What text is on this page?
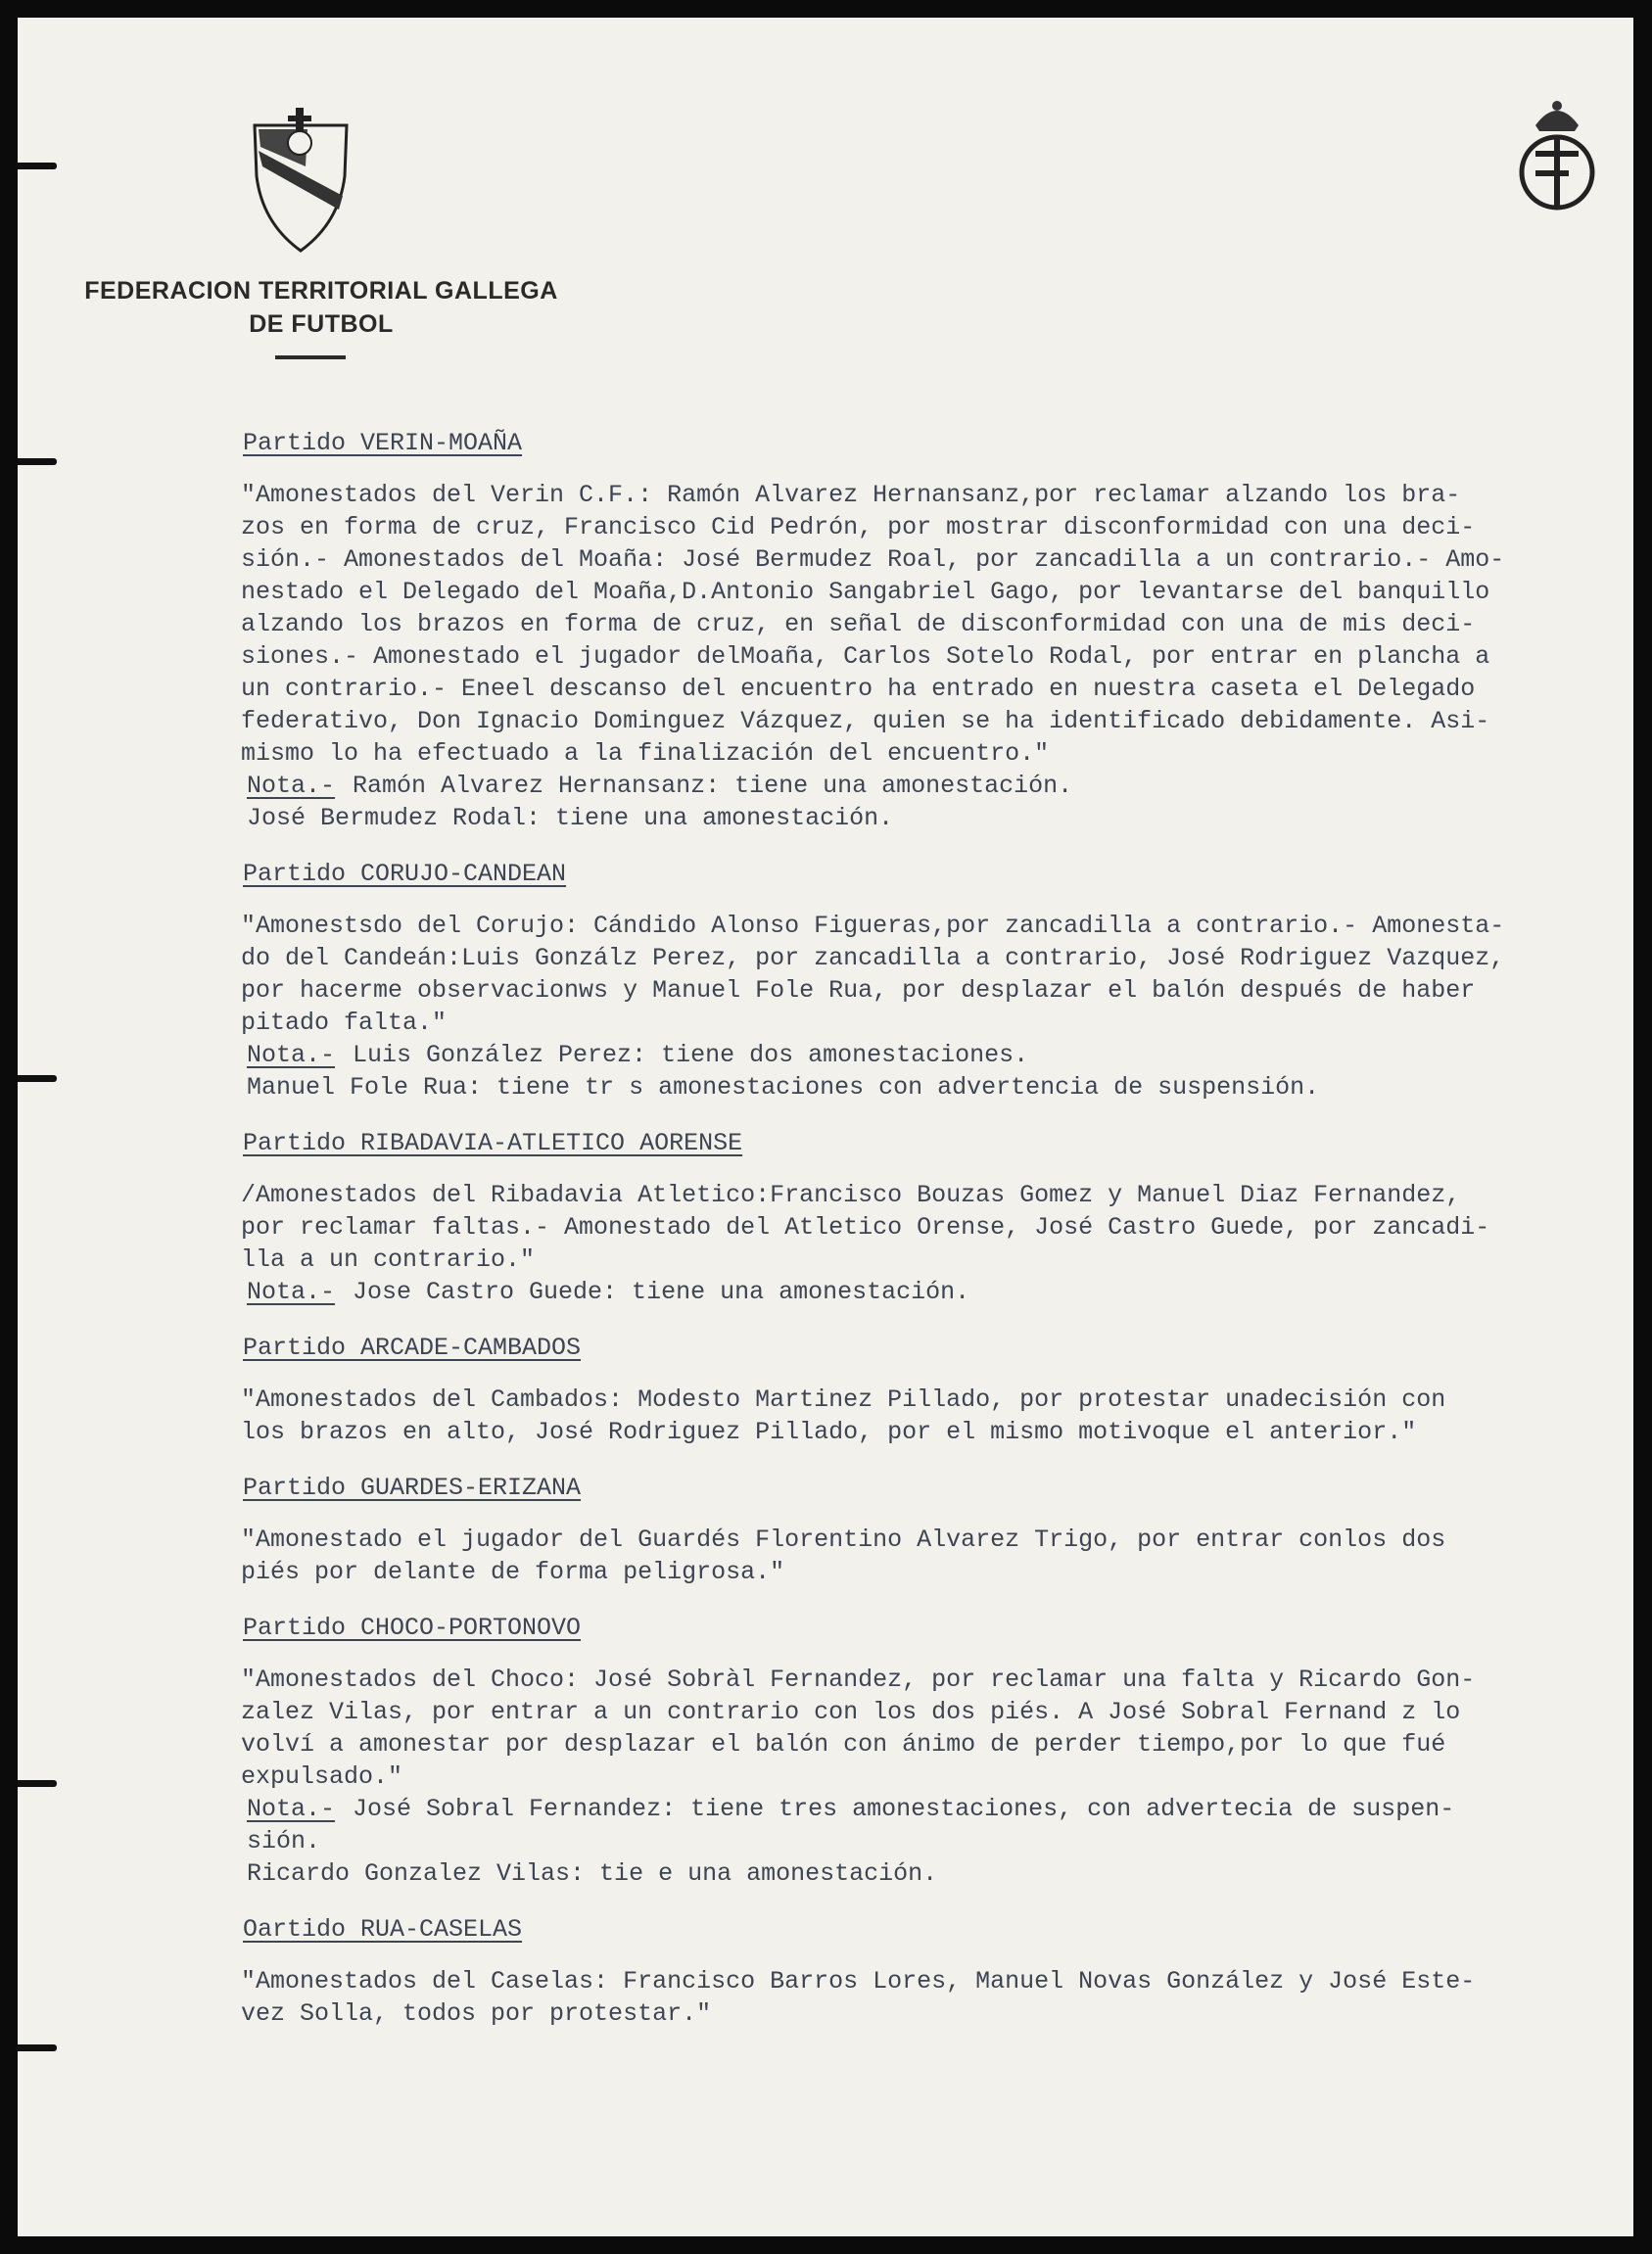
FEDERACION TERRITORIAL GALLEGA
DE FUTBOL
Partido VERIN-MOAÑA
"Amonestados del Verin C.F.: Ramón Alvarez Hernansanz,por reclamar alzando los bra-
zos en forma de cruz, Francisco Cid Pedrón, por mostrar disconformidad con una deci-
sión.- Amonestados del Moaña: José Bermudez Roal, por zancadilla a un contrario.- Amo-
nestado el Delegado del Moaña,D.Antonio Sangabriel Gago, por levantarse del banquillo
alzando los brazos en forma de cruz, en señal de disconformidad con una de mis deci-
siones.- Amonestado el jugador delMoaña, Carlos Sotelo Rodal, por entrar en plancha a
un contrario.- Eneel descanso del encuentro ha entrado en nuestra caseta el Delegado
federativo, Don Ignacio Dominguez Vázquez, quien se ha identificado debidamente. Asi-
mismo lo ha efectuado a la finalización del encuentro."
Nota.- Ramón Alvarez Hernansanz: tiene una amonestación.
José Bermudez Rodal: tiene una amonestación.
Partido CORUJO-CANDEAN
"Amonestsdo del Corujo: Cándido Alonso Figueras,por zancadilla a contrario.- Amonesta-
do del Candeán:Luis Gonzálz Perez, por zancadilla a contrario, José Rodriguez Vazquez,
por hacerme observacionws y Manuel Fole Rua, por desplazar el balón después de haber
pitado falta."
Nota.- Luis González Perez: tiene dos amonestaciones.
Manuel Fole Rua: tiene tr s amonestaciones con advertencia de suspensión.
Partido RIBADAVIA-ATLETICO AORENSE
/Amonestados del Ribadavia Atletico:Francisco Bouzas Gomez y Manuel Diaz Fernandez,
por reclamar faltas.- Amonestado del Atletico Orense, José Castro Guede, por zancadi-
lla a un contrario."
Nota.- Jose Castro Guede: tiene una amonestación.
Partido ARCADE-CAMBADOS
"Amonestados del Cambados: Modesto Martinez Pillado, por protestar unadecisión con
los brazos en alto, José Rodriguez Pillado, por el mismo motivoque el anterior."
Partido GUARDES-ERIZANA
"Amonestado el jugador del Guardés Florentino Alvarez Trigo, por entrar conlos dos
piés por delante de forma peligrosa."
Partido CHOCO-PORTONOVO
"Amonestados del Choco: José Sobràl Fernandez, por reclamar una falta y Ricardo Gon-
zalez Vilas, por entrar a un contrario con los dos piés. A José Sobral Fernand z lo
volví a amonestar por desplazar el balón con ánimo de perder tiempo,por lo que fué
expulsado."
Nota.- José Sobral Fernandez: tiene tres amonestaciones, con advertecia de suspen-
sión.
Ricardo Gonzalez Vilas: tie e una amonestación.
Oartido RUA-CASELAS
"Amonestados del Caselas: Francisco Barros Lores, Manuel Novas González y José Este-
vez Solla, todos por protestar."
